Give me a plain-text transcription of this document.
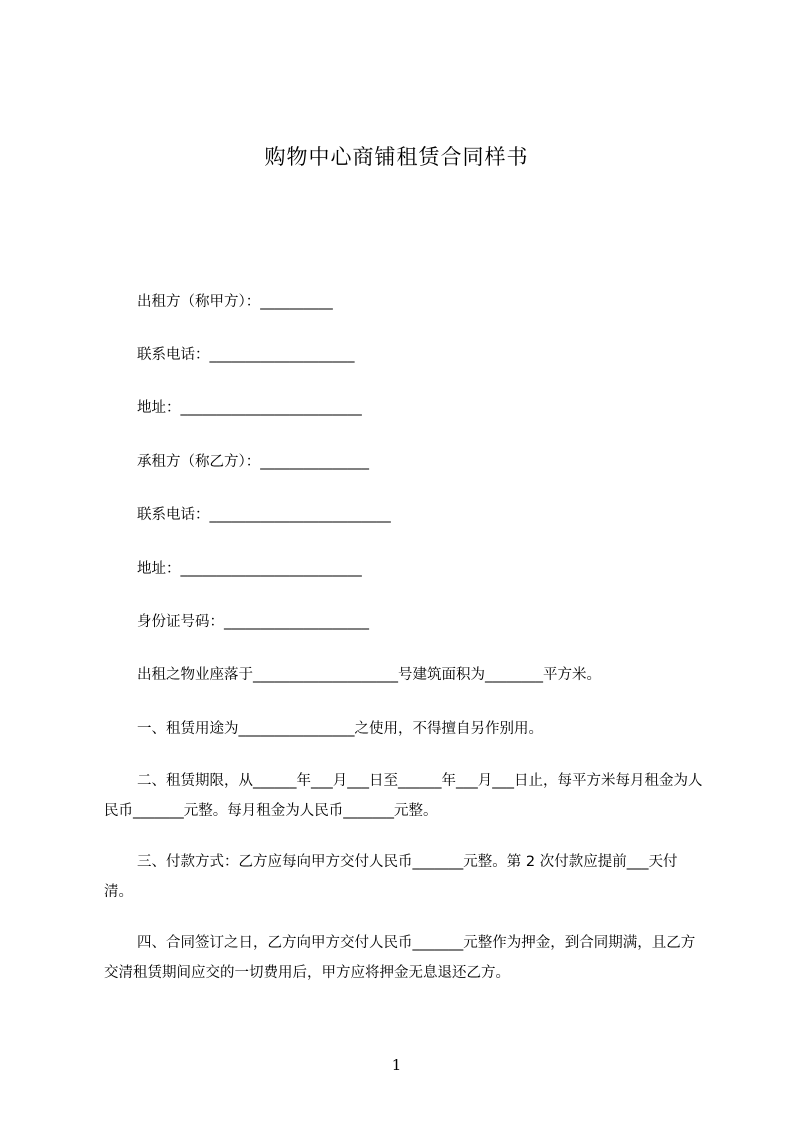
购物中心商铺租赁合同样书
出租方（称甲方）：__________
联系电话：____________________
地址：_________________________
承租方（称乙方）：_______________
联系电话：_________________________
地址：_________________________
身份证号码：____________________
出租之物业座落于____________________号建筑面积为________平方米。
一、租赁用途为________________之使用，不得擅自另作别用。
二、租赁期限，从______年___月___日至______年___月___日止，每平方米每月租金为人民币_______元整。每月租金为人民币_______元整。
三、付款方式：乙方应每向甲方交付人民币_______元整。第 2 次付款应提前___天付清。
四、合同签订之日，乙方向甲方交付人民币_______元整作为押金，到合同期满，且乙方交清租赁期间应交的一切费用后，甲方应将押金无息退还乙方。
1
